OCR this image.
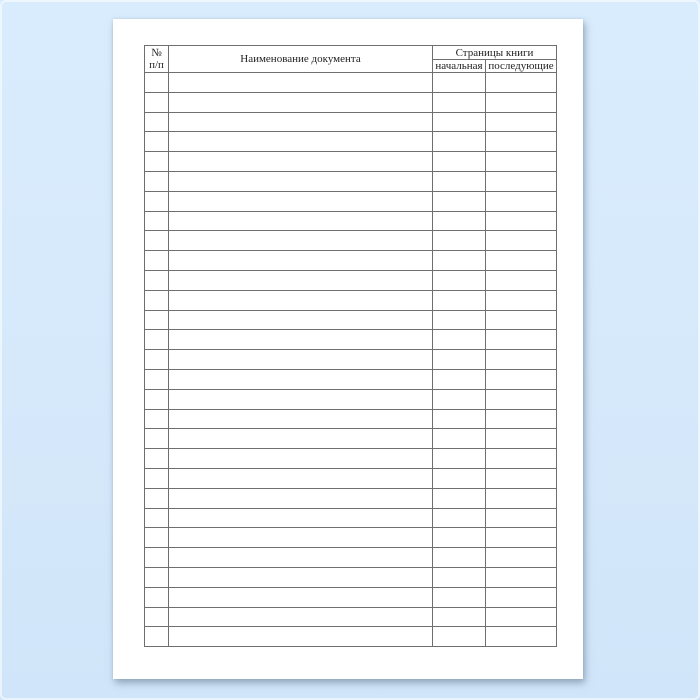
№
п/п	Наименование документа	Страницы книги	
		начальная	последующие
